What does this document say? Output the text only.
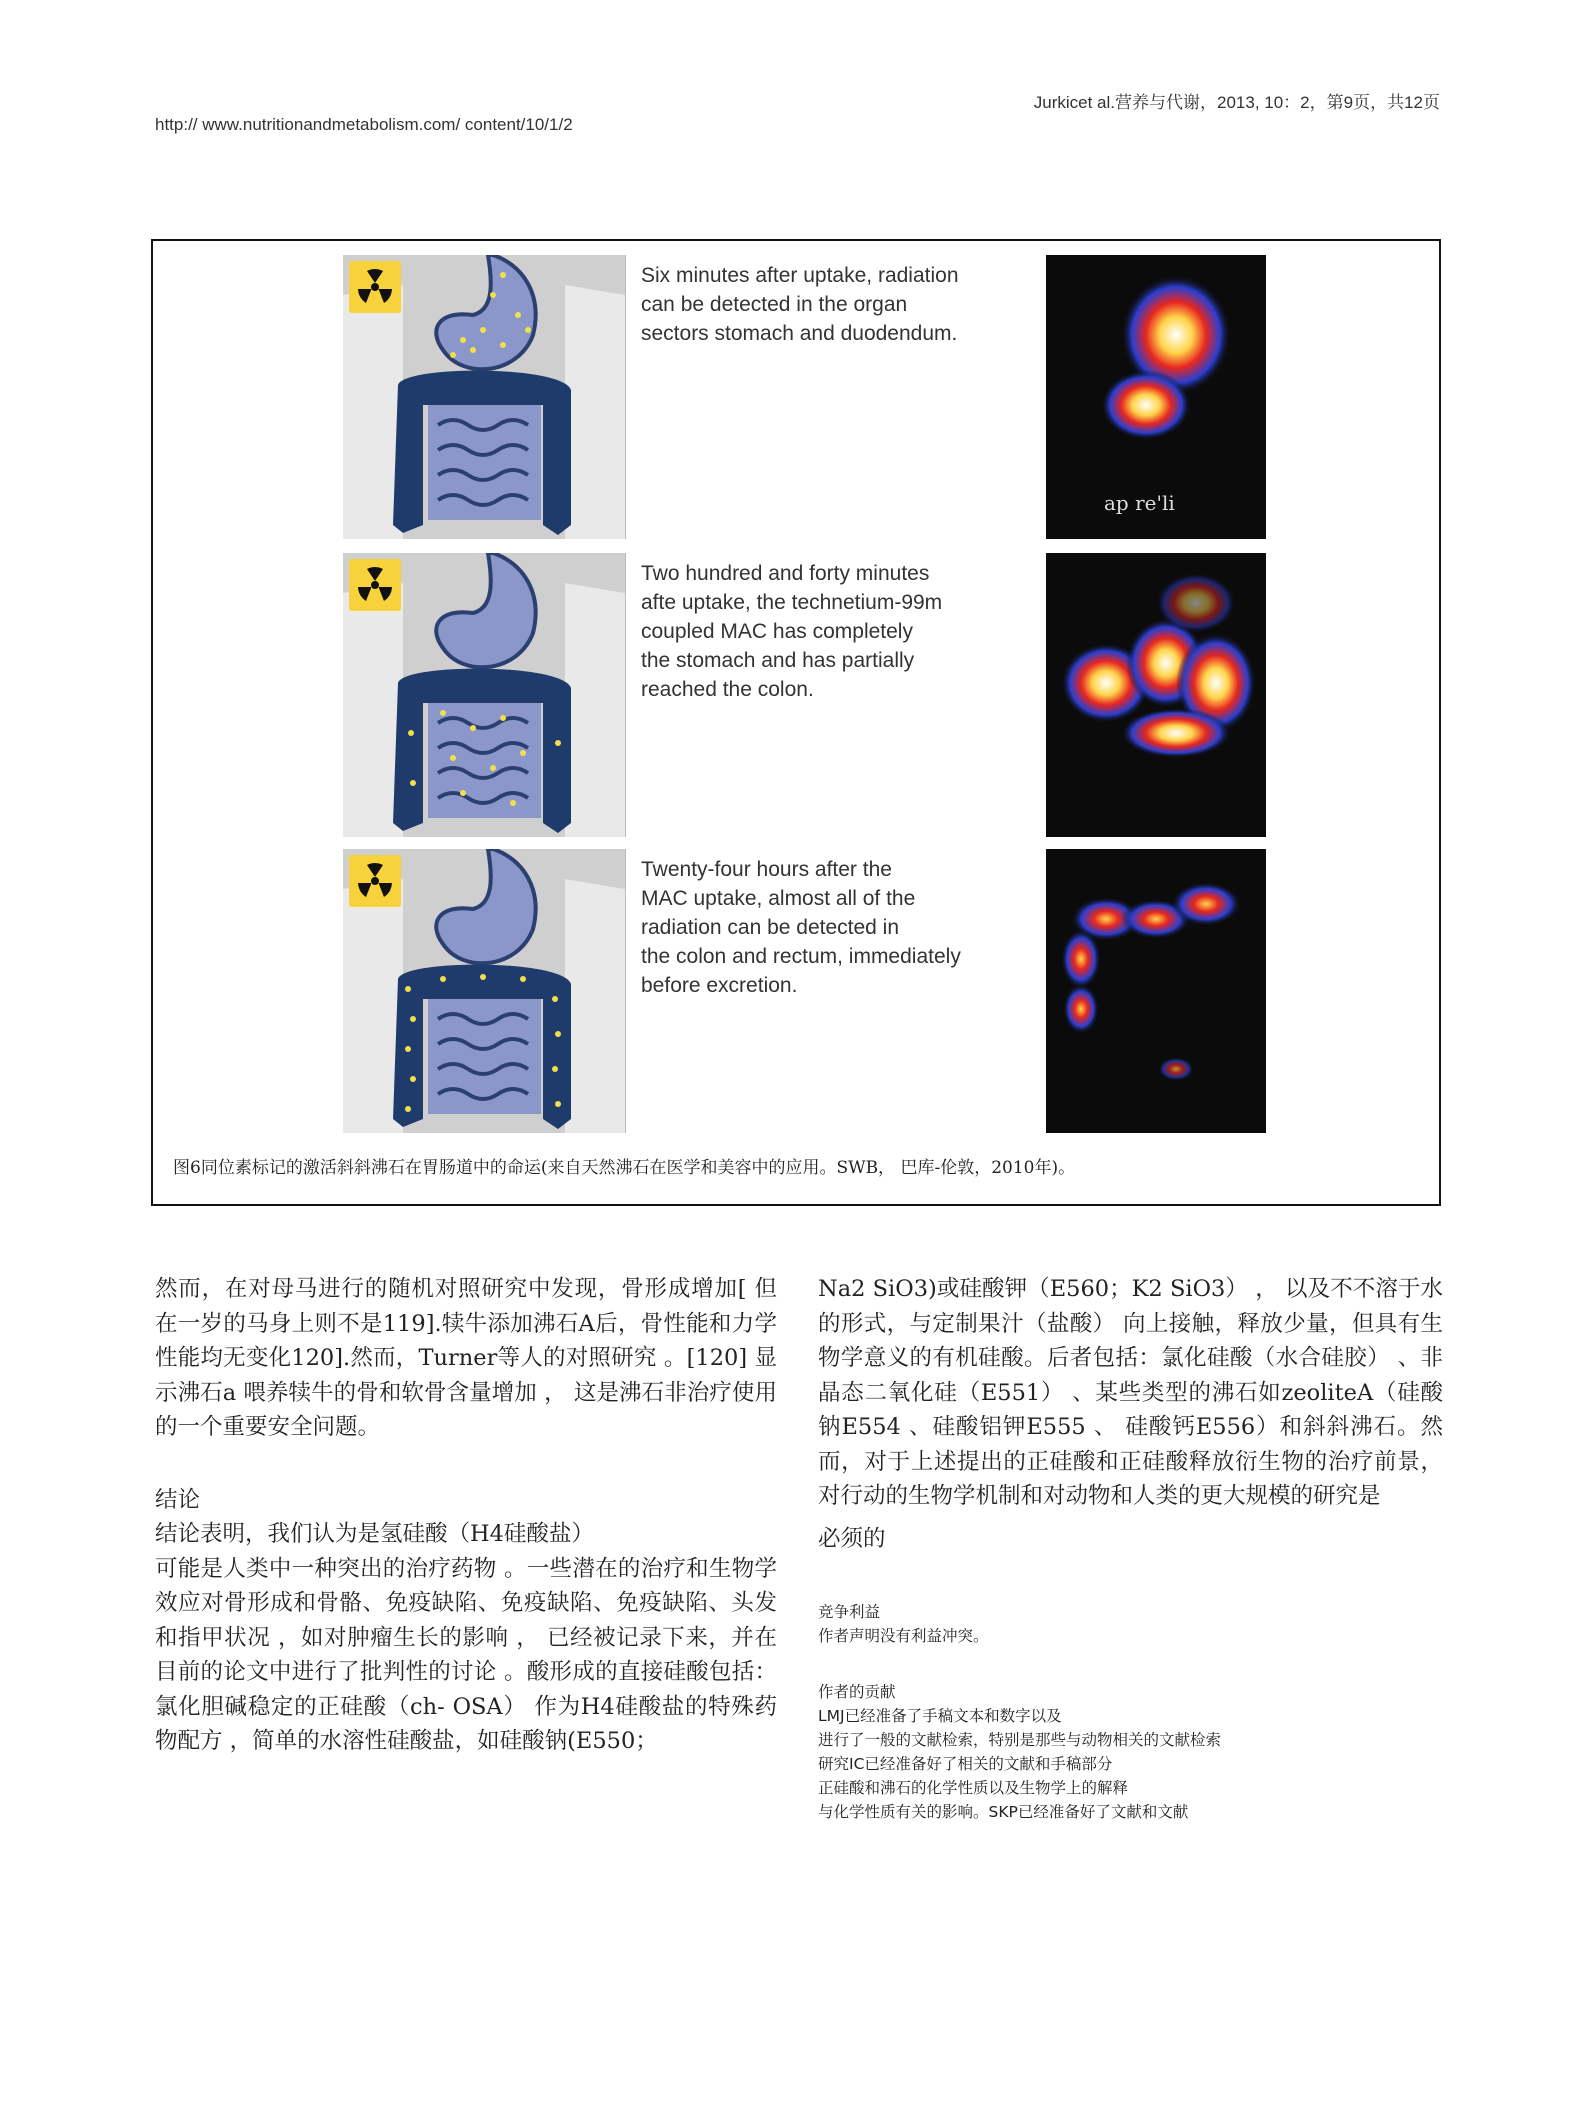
Jurkicet al.营养与代谢，2013, 10：2，第9页，共12页
http:// www.nutritionandmetabolism.com/ content/10/1/2
Six minutes after uptake, radiation
can be detected in the organ
sectors stomach and duodendum.
ap re'li
Two hundred and forty minutes
afte uptake, the technetium-99m
coupled MAC has completely
the stomach and has partially
reached the colon.
Twenty-four hours after the
MAC uptake, almost all of the
radiation can be detected in
the colon and rectum, immediately
before excretion.
图6同位素标记的激活斜斜沸石在胃肠道中的命运(来自天然沸石在医学和美容中的应用。SWB， 巴库-伦敦，2010年)。

然而，在对母马进行的随机对照研究中发现，骨形成增加[ 但在一岁的马身上则不是119].犊牛添加沸石A后，骨性能和力学性能均无变化120].然而，Turner等人的对照研究 。[120] 显示沸石a 喂养犊牛的骨和软骨含量增加 ， 这是沸石非治疗使用的一个重要安全问题。

结论

结论表明，我们认为是氢硅酸（H4硅酸盐）

可能是人类中一种突出的治疗药物 。一些潜在的治疗和生物学效应对骨形成和骨骼、免疫缺陷、免疫缺陷、免疫缺陷、头发和指甲状况 ，如对肿瘤生长的影响 ， 已经被记录下来，并在目前的论文中进行了批判性的讨论 。酸形成的直接硅酸包括： 氯化胆碱稳定的正硅酸（ch- OSA） 作为H4硅酸盐的特殊药物配方 ，简单的水溶性硅酸盐，如硅酸钠(E550；

Na2 SiO3)或硅酸钾（E560；K2 SiO3） ， 以及不不溶于水的形式，与定制果汁（盐酸） 向上接触，释放少量，但具有生物学意义的有机硅酸。后者包括：氯化硅酸（水合硅胶） 、非晶态二氧化硅（E551） 、某些类型的沸石如zeoliteA（硅酸钠E554 、硅酸铝钾E555 、 硅酸钙E556）和斜斜沸石。然而，对于上述提出的正硅酸和正硅酸释放衍生物的治疗前景，对行动的生物学机制和对动物和人类的更大规模的研究是

必须的

竞争利益
作者声明没有利益冲突。
作者的贡献
LMJ已经准备了手稿文本和数字以及
进行了一般的文献检索，特别是那些与动物相关的文献检索
研究IC已经准备好了相关的文献和手稿部分
正硅酸和沸石的化学性质以及生物学上的解释
与化学性质有关的影响。SKP已经准备好了文献和文献
